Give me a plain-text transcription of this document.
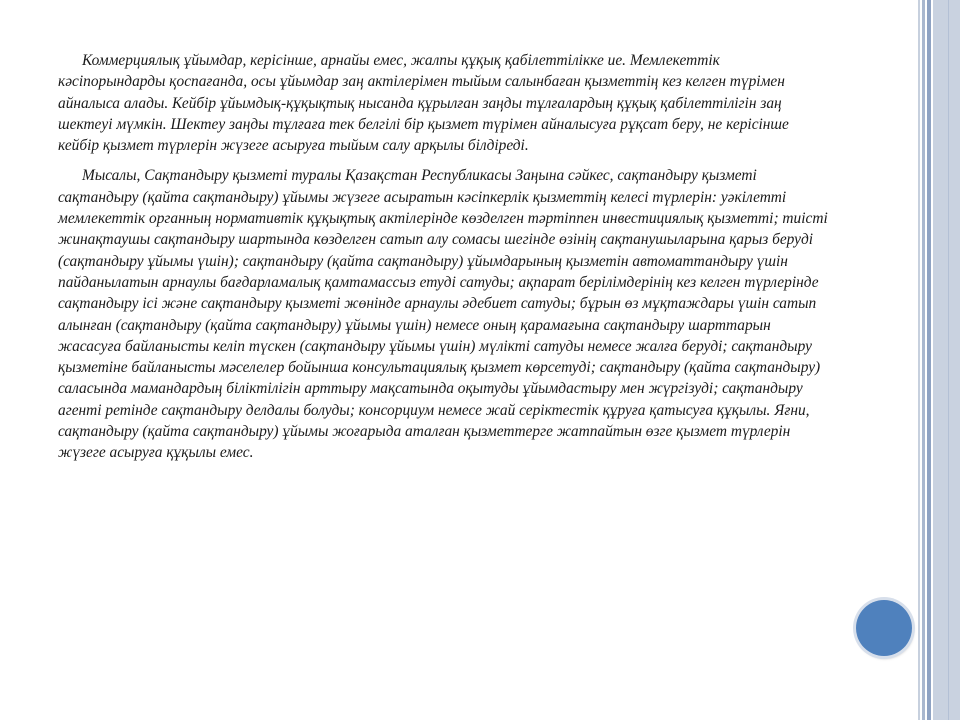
Коммерциялық ұйымдар, керісінше, арнайы емес, жалпы құқық қабілеттілікке ие. Мемлекеттік кәсіпорындарды қоспағанда, осы ұйымдар заң актілерімен тыйым салынбаған қызметтің кез келген түрімен айналыса алады. Кейбір ұйымдық-құқықтық нысанда құрылған заңды тұлғалардың құқық қабілеттілігін заң шектеуі мүмкін. Шектеу заңды тұлғаға тек белгілі бір қызмет түрімен айналысуға рұқсат беру, не керісінше кейбір қызмет түрлерін жүзеге асыруға тыйым салу арқылы білдіреді.

Мысалы, Сақтандыру қызметі туралы Қазақстан Республикасы Заңына сәйкес, сақтандыру қызметі сақтандыру (қайта сақтандыру) ұйымы жүзеге асыратын кәсіпкерлік қызметтің келесі түрлерін: уәкілетті мемлекеттік органның нормативтік құқықтық актілерінде көзделген тәртіппен инвестициялық қызметті; тиісті жинақтаушы сақтандыру шартында көзделген сатып алу сомасы шегінде өзінің сақтанушыларына қарыз беруді (сақтандыру ұйымы үшін); сақтандыру (қайта сақтандыру) ұйымдарының қызметін автоматтандыру үшін пайданылатын арнаулы бағдарламалық қамтамассыз етуді сатуды; ақпарат берілімдерінің кез келген түрлерінде сақтандыру ісі және сақтандыру қызметі жөнінде арнаулы әдебиет сатуды; бұрын өз мұқтаждары үшін сатып алынған (сақтандыру (қайта сақтандыру) ұйымы үшін) немесе оның қарамағына сақтандыру шарттарын жасасуға байланысты келіп түскен (сақтандыру ұйымы үшін) мүлікті сатуды немесе жалға беруді; сақтандыру қызметіне байланысты мәселелер бойынша консультациялық қызмет көрсетуді; сақтандыру (қайта сақтандыру) саласында мамандардың біліктілігін арттыру мақсатында оқытуды ұйымдастыру мен жүргізуді; сақтандыру агенті ретінде сақтандыру делдалы болуды; консорциум немесе жай серіктестік құруға қатысуға құқылы. Яғни, сақтандыру (қайта сақтандыру) ұйымы жоғарыда аталған қызметтерге жатпайтын өзге қызмет түрлерін жүзеге асыруға құқылы емес.
